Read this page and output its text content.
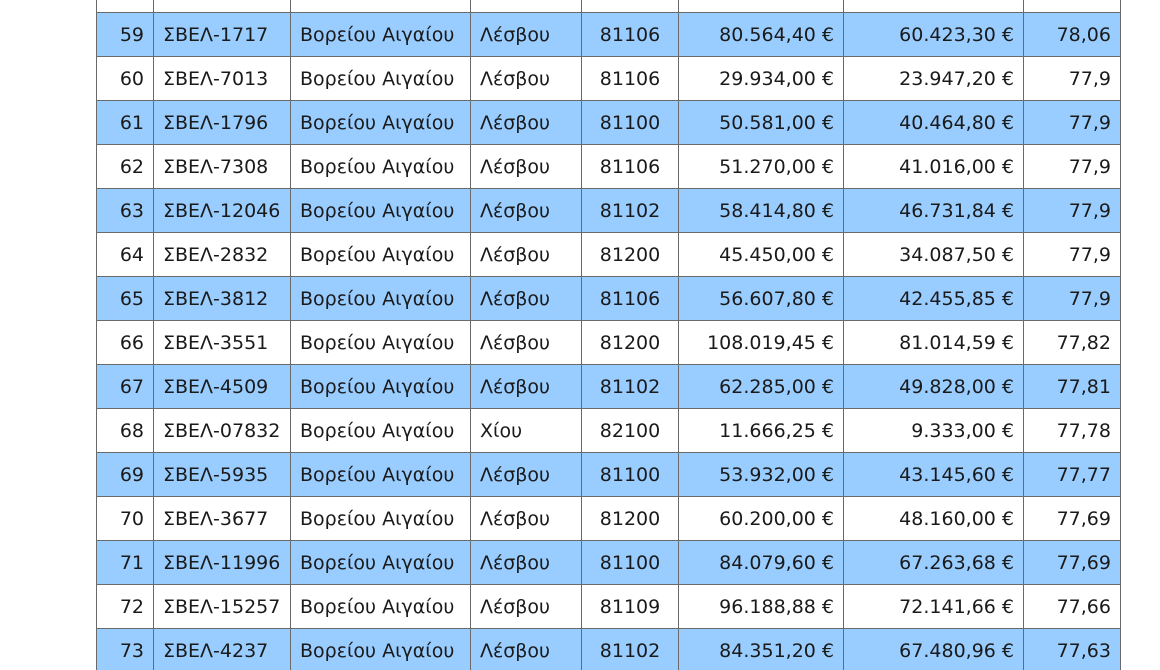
59	ΣΒΕΛ-1717	Βορείου Αιγαίου	Λέσβου	81106	80.564,40 €	60.423,30 €	78,06
60	ΣΒΕΛ-7013	Βορείου Αιγαίου	Λέσβου	81106	29.934,00 €	23.947,20 €	77,9
61	ΣΒΕΛ-1796	Βορείου Αιγαίου	Λέσβου	81100	50.581,00 €	40.464,80 €	77,9
62	ΣΒΕΛ-7308	Βορείου Αιγαίου	Λέσβου	81106	51.270,00 €	41.016,00 €	77,9
63	ΣΒΕΛ-12046	Βορείου Αιγαίου	Λέσβου	81102	58.414,80 €	46.731,84 €	77,9
64	ΣΒΕΛ-2832	Βορείου Αιγαίου	Λέσβου	81200	45.450,00 €	34.087,50 €	77,9
65	ΣΒΕΛ-3812	Βορείου Αιγαίου	Λέσβου	81106	56.607,80 €	42.455,85 €	77,9
66	ΣΒΕΛ-3551	Βορείου Αιγαίου	Λέσβου	81200	108.019,45 €	81.014,59 €	77,82
67	ΣΒΕΛ-4509	Βορείου Αιγαίου	Λέσβου	81102	62.285,00 €	49.828,00 €	77,81
68	ΣΒΕΛ-07832	Βορείου Αιγαίου	Χίου	82100	11.666,25 €	9.333,00 €	77,78
69	ΣΒΕΛ-5935	Βορείου Αιγαίου	Λέσβου	81100	53.932,00 €	43.145,60 €	77,77
70	ΣΒΕΛ-3677	Βορείου Αιγαίου	Λέσβου	81200	60.200,00 €	48.160,00 €	77,69
71	ΣΒΕΛ-11996	Βορείου Αιγαίου	Λέσβου	81100	84.079,60 €	67.263,68 €	77,69
72	ΣΒΕΛ-15257	Βορείου Αιγαίου	Λέσβου	81109	96.188,88 €	72.141,66 €	77,66
73	ΣΒΕΛ-4237	Βορείου Αιγαίου	Λέσβου	81102	84.351,20 €	67.480,96 €	77,63
